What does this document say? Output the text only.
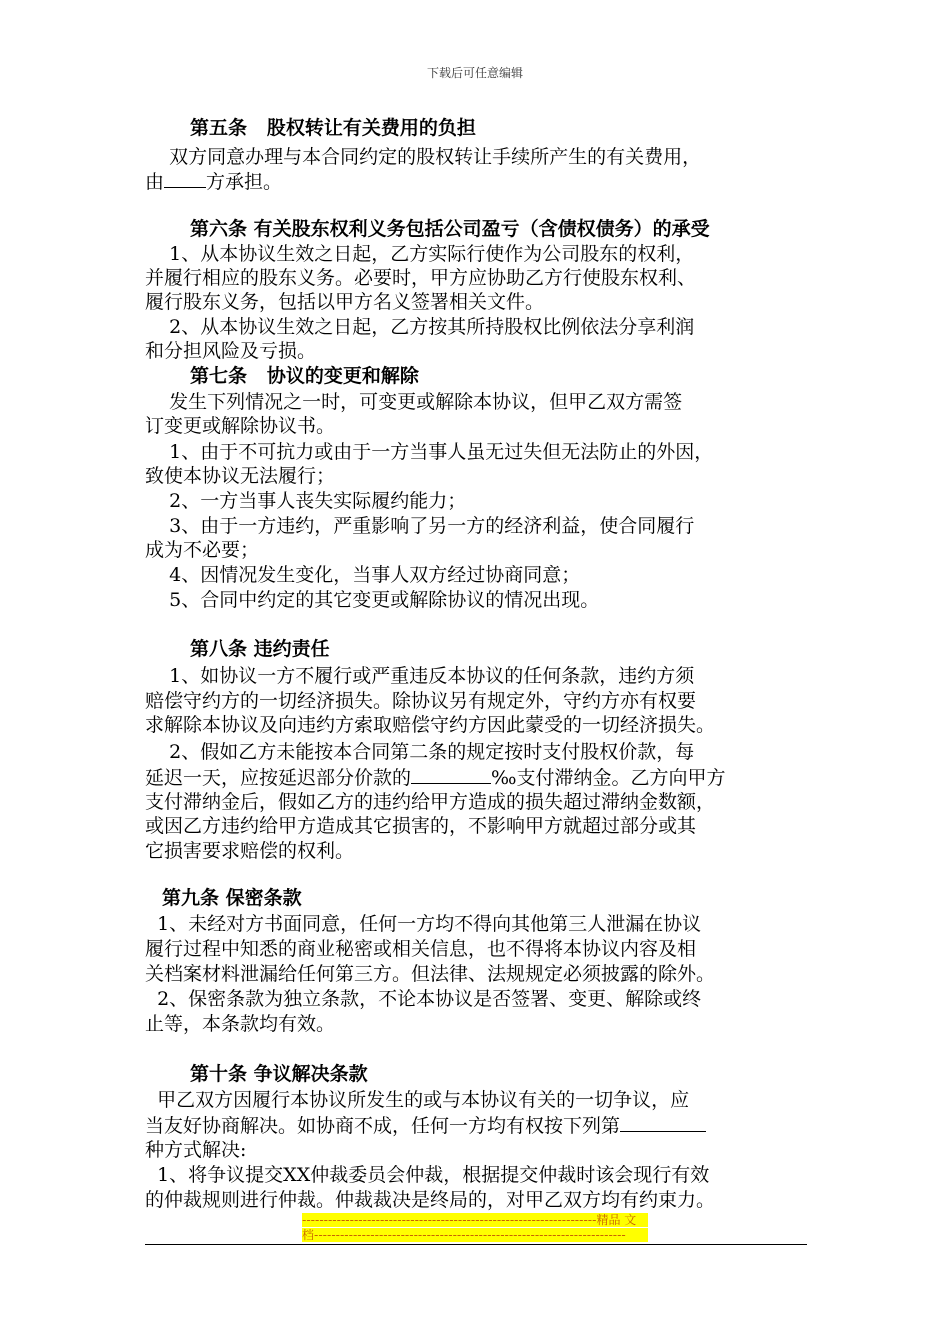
下载后可任意编辑
第五条   股权转让有关费用的负担
双方同意办理与本合同约定的股权转让手续所产生的有关费用，
由 方承担。
第六条 有关股东权利义务包括公司盈亏（含债权债务）的承受
1、从本协议生效之日起，乙方实际行使作为公司股东的权利，
并履行相应的股东义务。必要时，甲方应协助乙方行使股东权利、
履行股东义务，包括以甲方名义签署相关文件。
2、从本协议生效之日起，乙方按其所持股权比例依法分享利润
和分担风险及亏损。
第七条   协议的变更和解除
发生下列情况之一时，可变更或解除本协议，但甲乙双方需签
订变更或解除协议书。
1、由于不可抗力或由于一方当事人虽无过失但无法防止的外因，
致使本协议无法履行；
2、一方当事人丧失实际履约能力；
3、由于一方违约，严重影响了另一方的经济利益，使合同履行
成为不必要；
4、因情况发生变化，当事人双方经过协商同意；
5、合同中约定的其它变更或解除协议的情况出现。
第八条 违约责任
1、如协议一方不履行或严重违反本协议的任何条款，违约方须
赔偿守约方的一切经济损失。除协议另有规定外，守约方亦有权要
求解除本协议及向违约方索取赔偿守约方因此蒙受的一切经济损失。
2、假如乙方未能按本合同第二条的规定按时支付股权价款，每
延迟一天，应按延迟部分价款的	‰支付滞纳金。乙方向甲方
支付滞纳金后，假如乙方的违约给甲方造成的损失超过滞纳金数额，
或因乙方违约给甲方造成其它损害的，不影响甲方就超过部分或其
它损害要求赔偿的权利。
第九条 保密条款
1、未经对方书面同意，任何一方均不得向其他第三人泄漏在协议
履行过程中知悉的商业秘密或相关信息，也不得将本协议内容及相
关档案材料泄漏给任何第三方。但法律、法规规定必须披露的除外。
2、保密条款为独立条款，不论本协议是否签署、变更、解除或终
止等，本条款均有效。
第十条 争议解决条款
甲乙双方因履行本协议所发生的或与本协议有关的一切争议，应
当友好协商解决。如协商不成，任何一方均有权按下列第
种方式解决:
1、将争议提交XX仲裁委员会仲裁，根据提交仲裁时该会现行有效
的仲裁规则进行仲裁。仲裁裁决是终局的，对甲乙双方均有约束力。
--------------------------------------------------------------------精品 文
档------------------------------------------------------------------------
